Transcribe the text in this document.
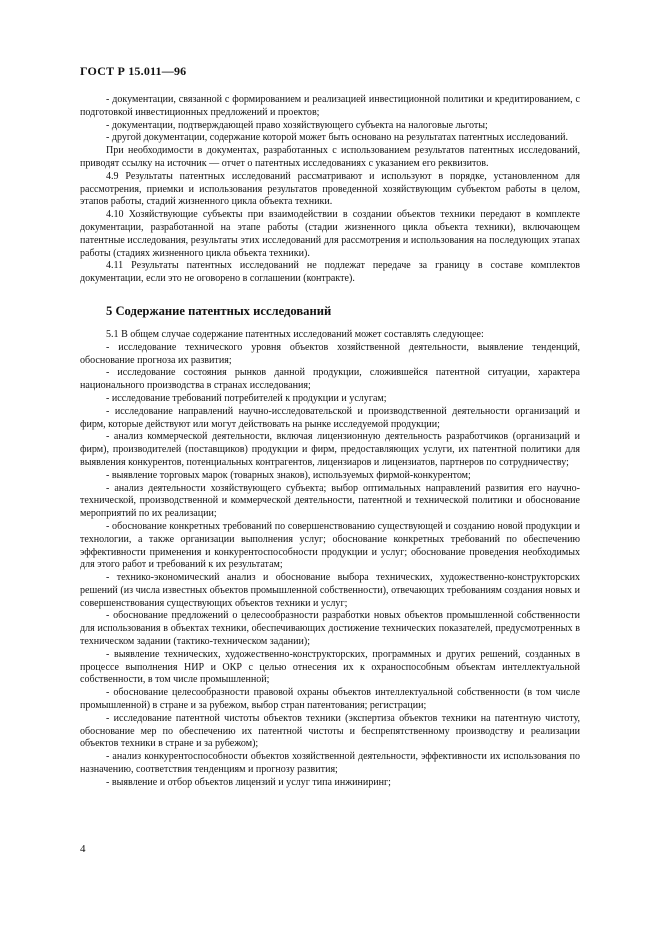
ГОСТ Р 15.011—96

- документации, связанной с формированием и реализацией инвестиционной политики и кредитированием, с подготовкой инвестиционных предложений и проектов;

- документации, подтверждающей право хозяйствующего субъекта на налоговые льготы;

- другой документации, содержание которой может быть основано на результатах патентных исследований.

При необходимости в документах, разработанных с использованием результатов патентных исследований, приводят ссылку на источник — отчет о патентных исследованиях с указанием его реквизитов.

4.9 Результаты патентных исследований рассматривают и используют в порядке, установленном для рассмотрения, приемки и использования результатов проведенной хозяйствующим субъектом работы в целом, этапов работы, стадий жизненного цикла объекта техники.

4.10 Хозяйствующие субъекты при взаимодействии в создании объектов техники передают в комплекте документации, разработанной на этапе работы (стадии жизненного цикла объекта техники), включающем патентные исследования, результаты этих исследований для рассмотрения и использования на последующих этапах работы (стадиях жизненного цикла объекта техники).

4.11 Результаты патентных исследований не подлежат передаче за границу в составе комплектов документации, если это не оговорено в соглашении (контракте).

5 Содержание патентных исследований

5.1 В общем случае содержание патентных исследований может составлять следующее:

- исследование технического уровня объектов хозяйственной деятельности, выявление тенденций, обоснование прогноза их развития;

- исследование состояния рынков данной продукции, сложившейся патентной ситуации, характера национального производства в странах исследования;

- исследование требований потребителей к продукции и услугам;

- исследование направлений научно-исследовательской и производственной деятельности организаций и фирм, которые действуют или могут действовать на рынке исследуемой продукции;

- анализ коммерческой деятельности, включая лицензионную деятельность разработчиков (организаций и фирм), производителей (поставщиков) продукции и фирм, предоставляющих услуги, их патентной политики для выявления конкурентов, потенциальных контрагентов, лицензиаров и лицензиатов, партнеров по сотрудничеству;

- выявление торговых марок (товарных знаков), используемых фирмой-конкурентом;

- анализ деятельности хозяйствующего субъекта; выбор оптимальных направлений развития его научно-технической, производственной и коммерческой деятельности, патентной и технической политики и обоснование мероприятий по их реализации;

- обоснование конкретных требований по совершенствованию существующей и созданию новой продукции и технологии, а также организации выполнения услуг; обоснование конкретных требований по обеспечению эффективности применения и конкурентоспособности продукции и услуг; обоснование проведения необходимых для этого работ и требований к их результатам;

- технико-экономический анализ и обоснование выбора технических, художественно-конструкторских решений (из числа известных объектов промышленной собственности), отвечающих требованиям создания новых и совершенствования существующих объектов техники и услуг;

- обоснование предложений о целесообразности разработки новых объектов промышленной собственности для использования в объектах техники, обеспечивающих достижение технических показателей, предусмотренных в техническом задании (тактико-техническом задании);

- выявление технических, художественно-конструкторских, программных и других решений, созданных в процессе выполнения НИР и ОКР с целью отнесения их к охраноспособным объектам интеллектуальной собственности, в том числе промышленной;

- обоснование целесообразности правовой охраны объектов интеллектуальной собственности (в том числе промышленной) в стране и за рубежом, выбор стран патентования; регистрации;

- исследование патентной чистоты объектов техники (экспертиза объектов техники на патентную чистоту, обоснование мер по обеспечению их патентной чистоты и беспрепятственному производству и реализации объектов техники в стране и за рубежом);

- анализ конкурентоспособности объектов хозяйственной деятельности, эффективности их использования по назначению, соответствия тенденциям и прогнозу развития;

- выявление и отбор объектов лицензий и услуг типа инжиниринг;

4
